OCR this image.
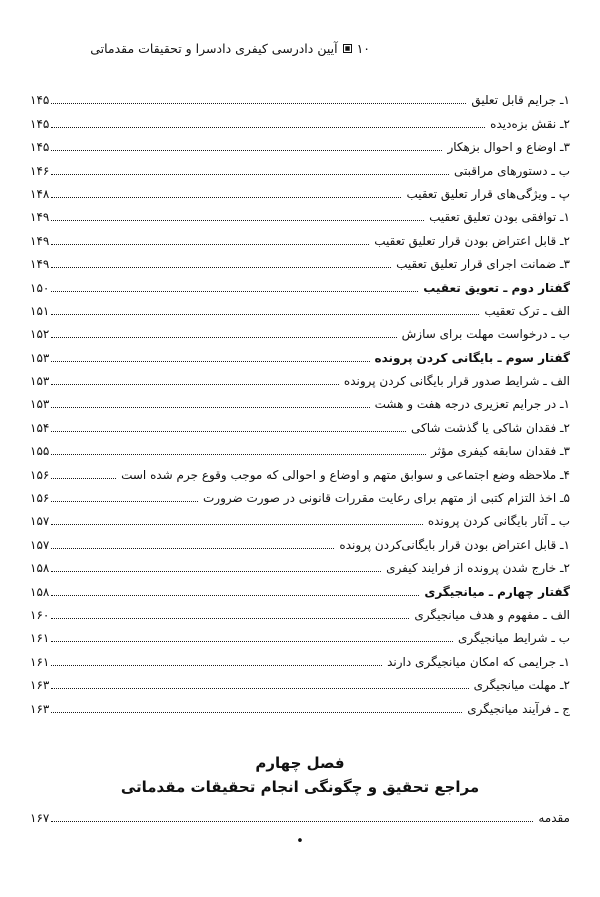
۱۰
آیین دادرسی کیفری دادسرا و تحقیقات مقدماتی
۱ـ جرایم قابل تعلیق
۱۴۵
۲ـ نقش بزه‌دیده
۱۴۵
۳ـ اوضاع و احوال بزهکار
۱۴۵
ب ـ دستورهای مراقبتی
۱۴۶
پ ـ ویژگی‌های قرار تعلیق تعقیب
۱۴۸
۱ـ توافقی بودن تعلیق تعقیب
۱۴۹
۲ـ قابل اعتراض بودن قرار تعلیق تعقیب
۱۴۹
۳ـ ضمانت اجرای قرار تعلیق تعقیب
۱۴۹
گفتار دوم ـ تعویق تعقیب
۱۵۰
الف ـ ترک تعقیب
۱۵۱
ب ـ درخواست مهلت برای سازش
۱۵۲
گفتار سوم ـ بایگانی کردن پرونده
۱۵۳
الف ـ شرایط صدور قرار بایگانی کردن پرونده
۱۵۳
۱ـ در جرایم تعزیری درجه هفت و هشت
۱۵۳
۲ـ فقدان شاکی یا گذشت شاکی
۱۵۴
۳ـ فقدان سابقه کیفری مؤثر
۱۵۵
۴ـ ملاحظه وضع اجتماعی و سوابق متهم و اوضاع و احوالی که موجب وقوع جرم شده است
۱۵۶
۵ـ اخذ التزام کتبی از متهم برای رعایت مقررات قانونی در صورت ضرورت
۱۵۶
ب ـ آثار بایگانی کردن پرونده
۱۵۷
۱ـ قابل اعتراض بودن قرار بایگانی‌کردن پرونده
۱۵۷
۲ـ خارج شدن پرونده از فرایند کیفری
۱۵۸
گفتار چهارم ـ میانجیگری
۱۵۸
الف ـ مفهوم و هدف میانجیگری
۱۶۰
ب ـ شرایط میانجیگری
۱۶۱
۱ـ جرایمی که امکان میانجیگری دارند
۱۶۱
۲ـ مهلت میانجیگری
۱۶۳
ج ـ فرآیند میانجیگری
۱۶۳
فصل چهارم
مراجع تحقیق و چگونگی انجام تحقیقات مقدماتی
مقدمه
۱۶۷
•
